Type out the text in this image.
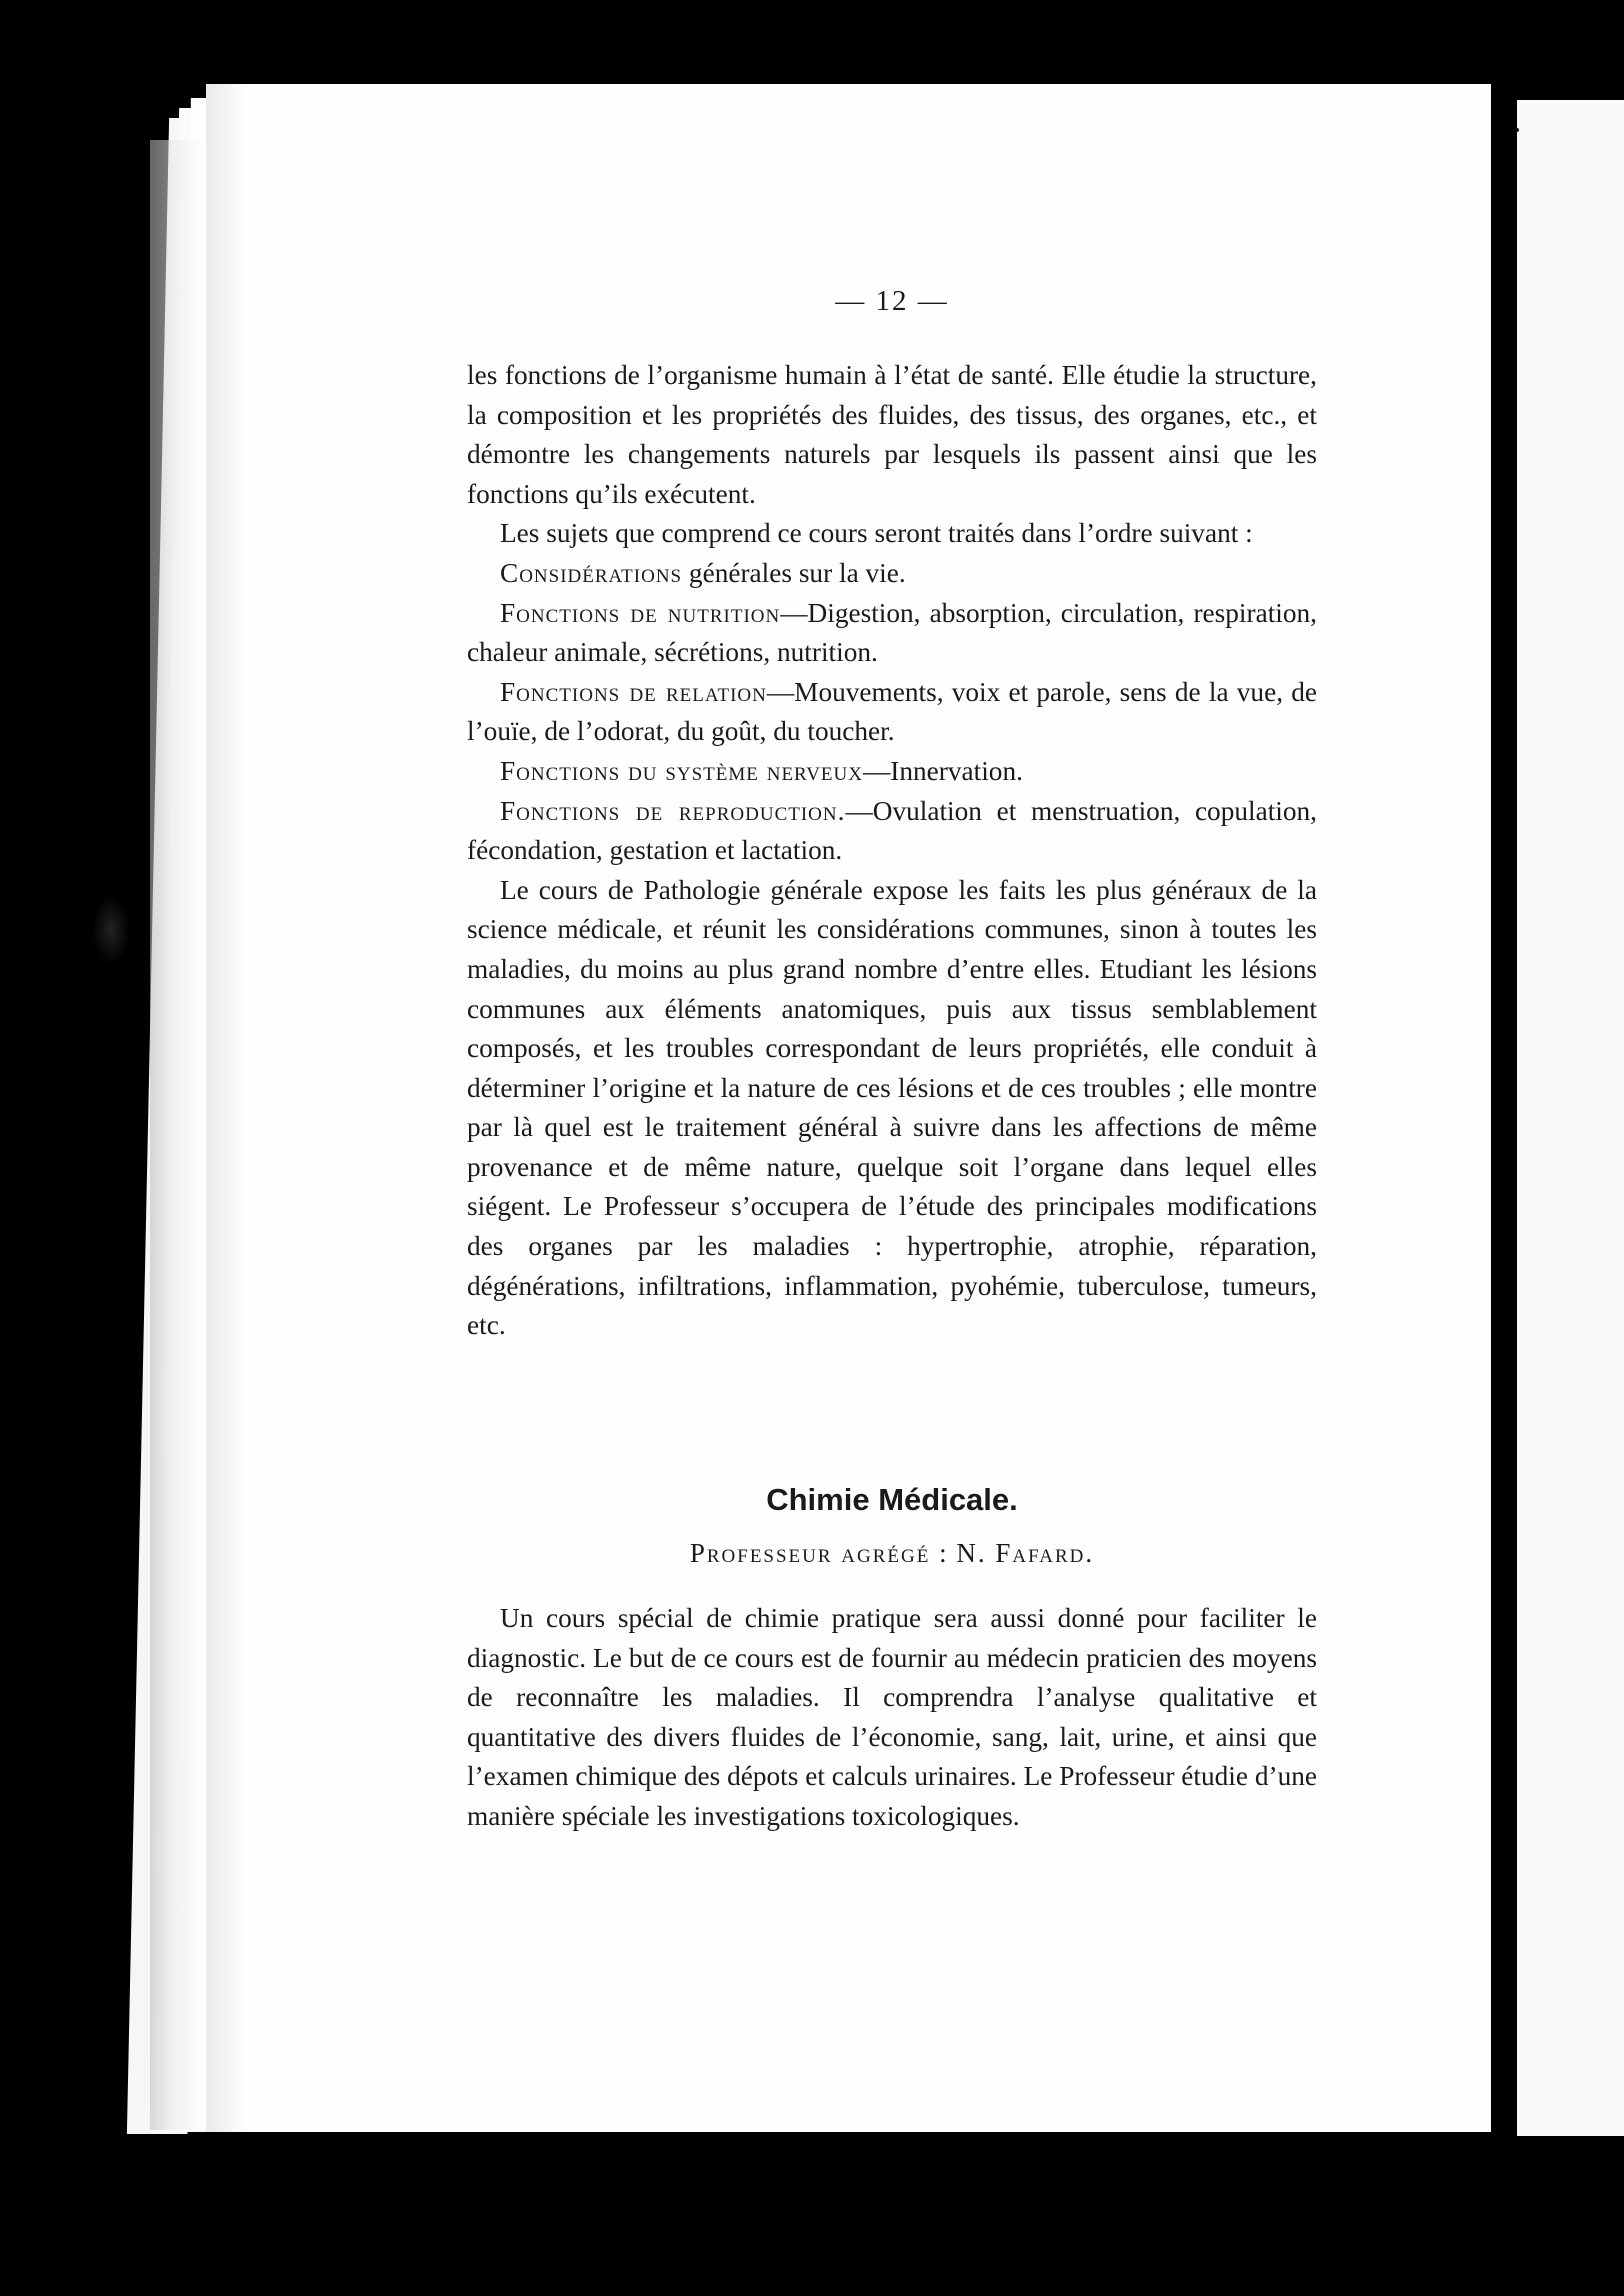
— 12 —

les fonctions de l’organisme humain à l’état de santé. Elle étudie la structure, la composition et les propriétés des fluides, des tissus, des organes, etc., et démontre les changements naturels par lesquels ils passent ainsi que les fonctions qu’ils exécutent.

Les sujets que comprend ce cours seront traités dans l’ordre suivant :

Considérations générales sur la vie.

Fonctions de nutrition—Digestion, absorption, circulation, respiration, chaleur animale, sécrétions, nutrition.

Fonctions de relation—Mouvements, voix et parole, sens de la vue, de l’ouïe, de l’odorat, du goût, du toucher.

Fonctions du système nerveux—Innervation.

Fonctions de reproduction.—Ovulation et menstruation, copulation, fécondation, gestation et lactation.

Le cours de Pathologie générale expose les faits les plus généraux de la science médicale, et réunit les considérations communes, sinon à toutes les maladies, du moins au plus grand nombre d’entre elles. Etudiant les lésions communes aux éléments anatomiques, puis aux tissus semblablement composés, et les troubles correspondant de leurs propriétés, elle conduit à déterminer l’origine et la nature de ces lésions et de ces troubles ; elle montre par là quel est le traitement général à suivre dans les affections de même provenance et de même nature, quelque soit l’organe dans lequel elles siégent. Le Professeur s’occupera de l’étude des principales modifications des organes par les maladies : hypertrophie, atrophie, réparation, dégénérations, infiltrations, inflammation, pyohémie, tuberculose, tumeurs, etc.

Chimie Médicale.
Professeur agrégé : N. Fafard.

Un cours spécial de chimie pratique sera aussi donné pour faciliter le diagnostic. Le but de ce cours est de fournir au médecin praticien des moyens de reconnaître les maladies. Il comprendra l’analyse qualitative et quantitative des divers fluides de l’économie, sang, lait, urine, et ainsi que l’examen chimique des dépots et calculs urinaires. Le Professeur étudie d’une manière spéciale les investigations toxicologiques.
